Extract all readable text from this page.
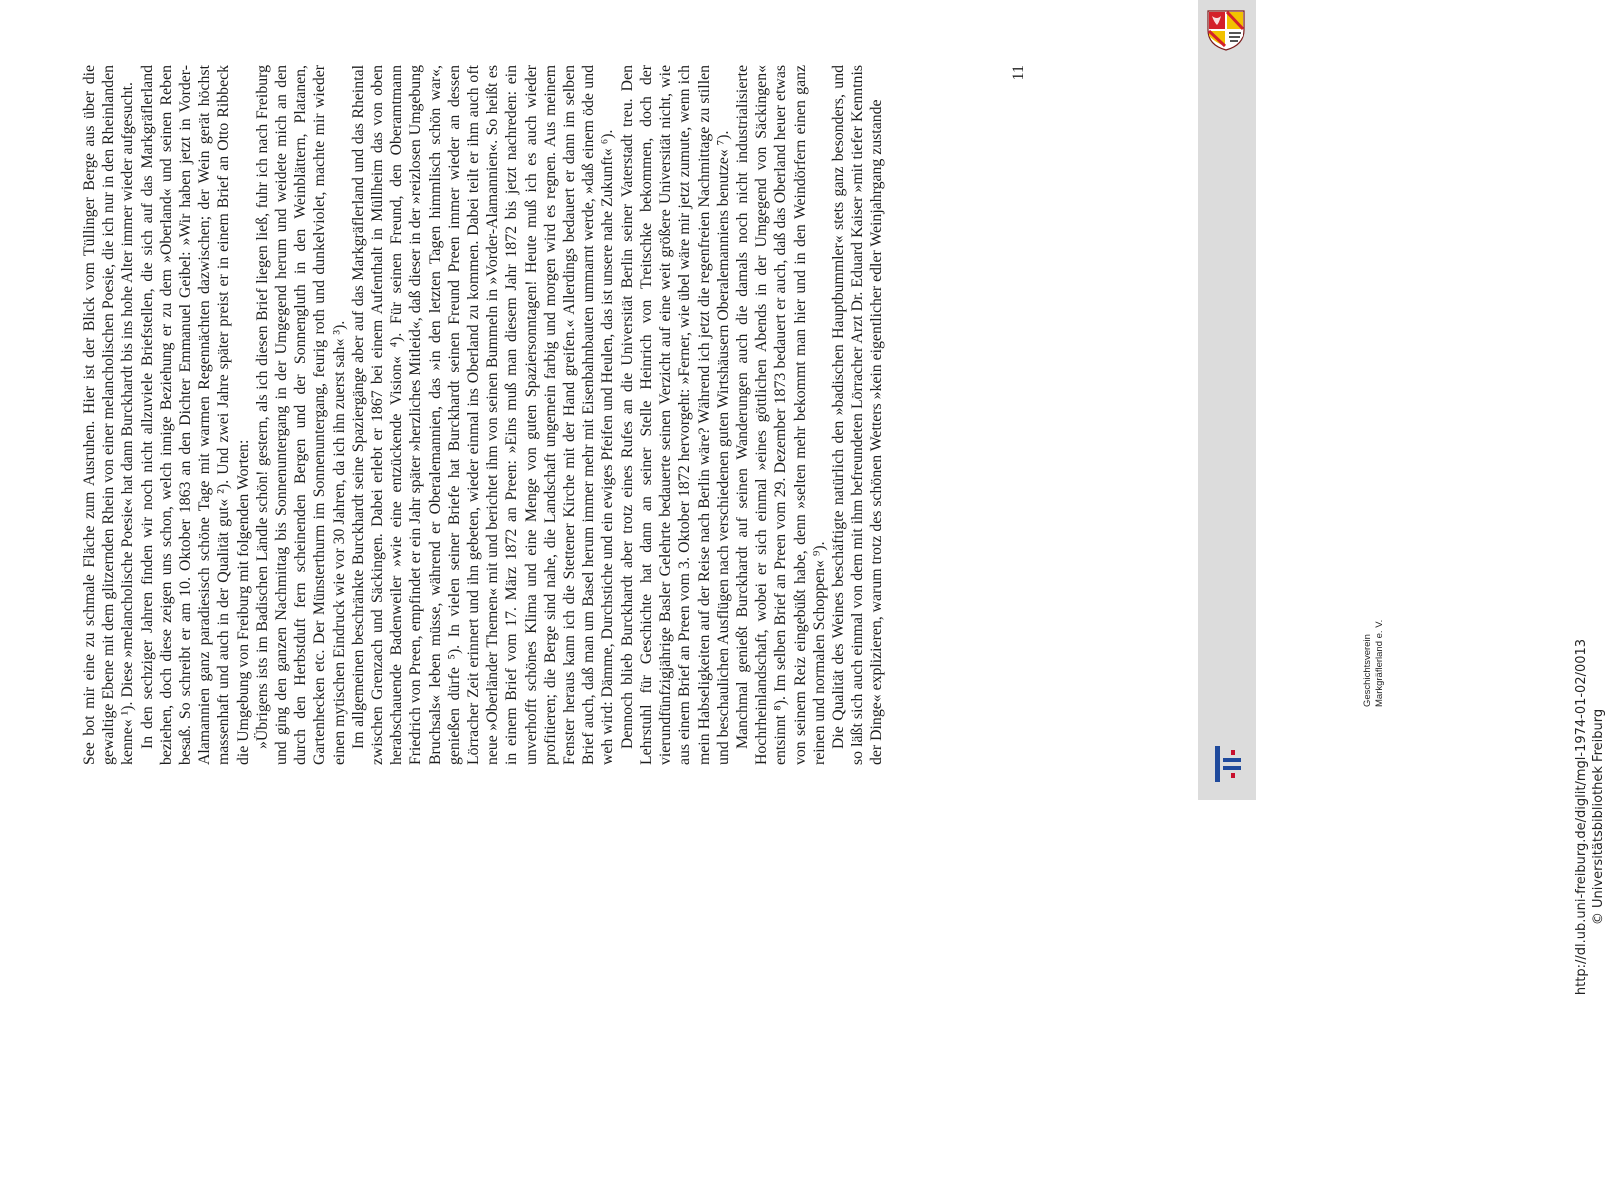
See bot mir eine zu schmale Fläche zum Ausruhen. Hier ist der Blick vom Tüllinger Berge aus über die gewaltige Ebene mit dem glitzernden Rhein von einer melancholischen Poesie, die ich nur in den Rheinlanden kenne« ¹). Diese »melancholische Poesie« hat dann Burckhardt bis ins hohe Alter immer wieder aufgesucht. In den sechziger Jahren finden wir noch nicht allzuviele Briefstellen, die sich auf das Markgräflerland beziehen, doch diese zeigen uns schon, welch innige Beziehung er zu dem »Oberland« und seinen Reben besaß. So schreibt er am 10. Oktober 1863 an den Dichter Emmanuel Geibel: »Wir haben jetzt in Vorder-Alamannien ganz paradiesisch schöne Tage mit warmen Regennächten dazwischen; der Wein gerät höchst massenhaft und auch in der Qualität gut« ²). Und zwei Jahre später preist er in einem Brief an Otto Ribbeck die Umgebung von Freiburg mit folgenden Worten: »Übrigens ists im Badischen Ländle schön! gestern, als ich diesen Brief liegen ließ, fuhr ich nach Freiburg und ging den ganzen Nachmittag bis Sonnenuntergang in der Umgegend herum und weidete mich an den durch den Herbstduft fern scheinenden Bergen und der Sonnengluth in den Weinblättern, Platanen, Gartenhecken etc. Der Münsterthurm im Sonnenuntergang, feurig roth und dunkelviolet, machte mir wieder einen mytischen Eindruck wie vor 30 Jahren, da ich ihn zuerst sah« ³). Im allgemeinen beschränkte Burckhardt seine Spaziergänge aber auf das Markgräflerland und das Rheintal zwischen Grenzach und Säckingen. Dabei erlebt er 1867 bei einem Aufenthalt in Müllheim das von oben herabschauende Badenweiler »wie eine entzückende Vision« ⁴). Für seinen Freund, den Oberamtmann Friedrich von Preen, empfindet er ein Jahr später »herzliches Mitleid«, daß dieser in der »reizlosen Umgebung Bruchsals« leben müsse, während er Oberalemannien, das »in den letzten Tagen himmlisch schön war«, genießen dürfe ⁵). In vielen seiner Briefe hat Burckhardt seinen Freund Preen immer wieder an dessen Lörracher Zeit erinnert und ihn gebeten, wieder einmal ins Oberland zu kommen. Dabei teilt er ihm auch oft neue »Oberländer Themen« mit und berichtet ihm von seinen Bummeln in »Vorder-Alamannien«. So heißt es in einem Brief vom 17. März 1872 an Preen: »Eins muß man diesem Jahr 1872 bis jetzt nachreden: ein unverhofft schönes Klima und eine Menge von guten Spaziersonntagen! Heute muß ich es auch wieder profitieren; die Berge sind nahe, die Landschaft ungemein farbig und morgen wird es regnen. Aus meinem Fenster heraus kann ich die Stettener Kirche mit der Hand greifen.« Allerdings bedauert er dann im selben Brief auch, daß man um Basel herum immer mehr mit Eisenbahnbauten ummarnt werde, »daß einem öde und weh wird: Dämme, Durchstiche und ein ewiges Pfeifen und Heulen, das ist unsere nahe Zukunft« ⁶). Dennoch blieb Burckhardt aber trotz eines Rufes an die Universität Berlin seiner Vaterstadt treu. Den Lehrstuhl für Geschichte hat dann an seiner Stelle Heinrich von Treitschke bekommen, doch der vierundfünfzigjährige Basler Gelehrte bedauerte seinen Verzicht auf eine weit größere Universität nicht, wie aus einem Brief an Preen vom 3. Oktober 1872 hervorgeht: »Ferner, wie übel wäre mir jetzt zumute, wenn ich mein Habseligkeiten auf der Reise nach Berlin wäre? Während ich jetzt die regenfreien Nachmittage zu stillen und beschaulichen Ausflügen nach verschiedenen guten Wirtshäusern Oberalemanniens benutze« ⁷). Manchmal genießt Burckhardt auf seinen Wanderungen auch die damals noch nicht industrialisierte Hochrheinlandschaft, wobei er sich einmal »eines göttlichen Abends in der Umgegend von Säckingen« entsinnt ⁸). Im selben Brief an Preen vom 29. Dezember 1873 bedauert er auch, daß das Oberland heuer etwas von seinem Reiz eingebüßt habe, denn »selten mehr bekommt man hier und in den Weindörfern einen ganz reinen und normalen Schoppen« ⁹). Die Qualität des Weines beschäftigte natürlich den »badischen Hauptbummler« stets ganz besonders, und so läßt sich auch einmal von dem mit ihm befreundeten Lörracher Arzt Dr. Eduard Kaiser »mit tiefer Kenntnis der Dinge« explizieren, warum trotz des schönen Wetters »kein eigentlicher edler Weinjahrgang zustande

11
Geschichtsverein Markgräflerland e. V.	http://dl.ub.uni-freiburg.de/diglit/mgl-1974-01-02/0013 © Universitätsbibliothek Freiburg
